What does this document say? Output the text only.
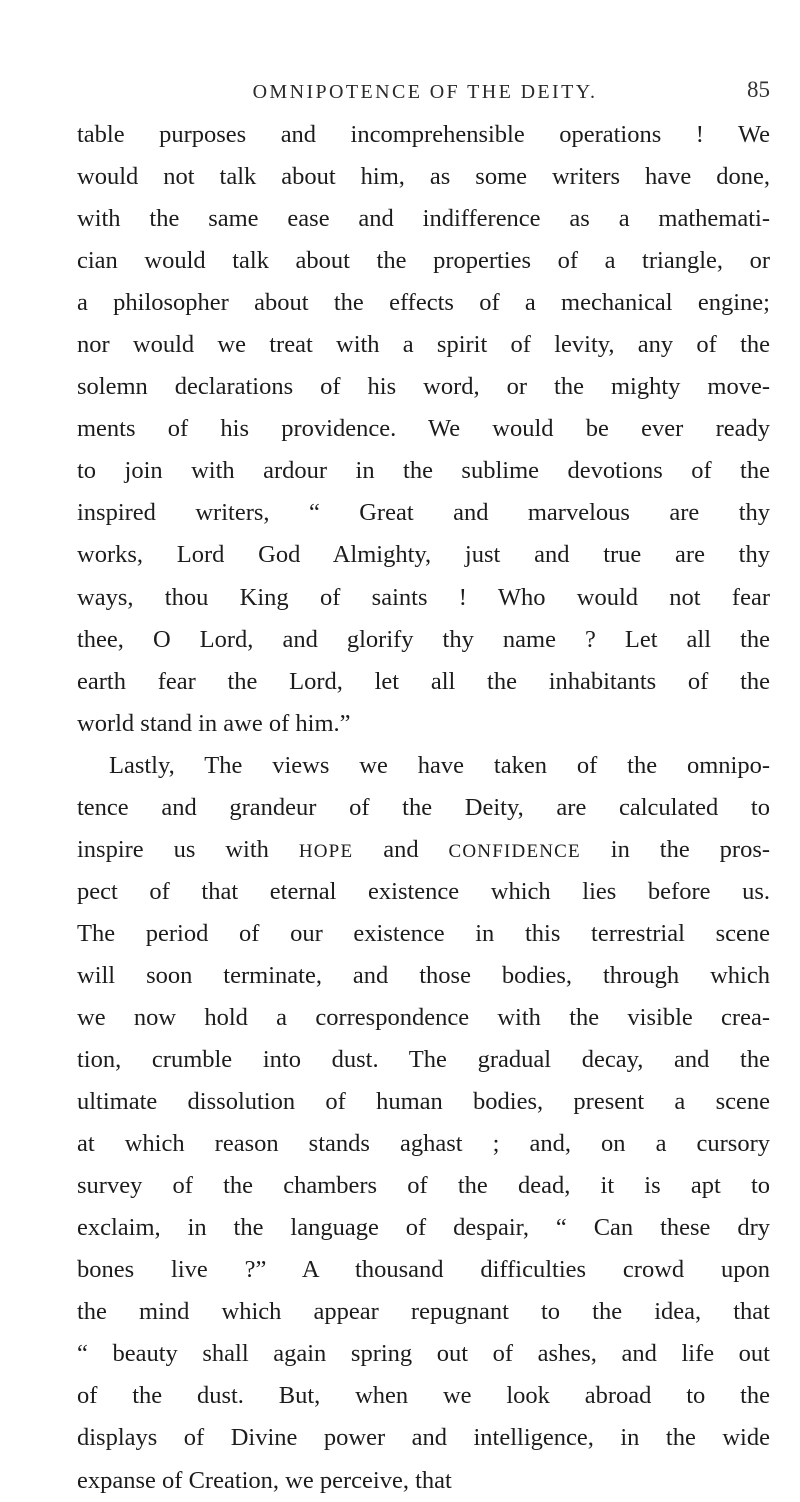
OMNIPOTENCE OF THE DEITY.	85
table purposes and incomprehensible operations ! We
would not talk about him, as some writers have done,
with the same ease and indifference as a mathemati-
cian would talk about the properties of a triangle, or
a philosopher about the effects of a mechanical engine;
nor would we treat with a spirit of levity, any of the
solemn declarations of his word, or the mighty move-
ments of his providence. We would be ever ready
to join with ardour in the sublime devotions of the
inspired writers, “ Great and marvelous are thy
works, Lord God Almighty, just and true are thy
ways, thou King of saints ! Who would not fear
thee, O Lord, and glorify thy name ? Let all the
earth fear the Lord, let all the inhabitants of the
world stand in awe of him.”
Lastly, The views we have taken of the omnipo-
tence and grandeur of the Deity, are calculated to
inspire us with HOPE and CONFIDENCE in the pros-
pect of that eternal existence which lies before us.
The period of our existence in this terrestrial scene
will soon terminate, and those bodies, through which
we now hold a correspondence with the visible crea-
tion, crumble into dust. The gradual decay, and the
ultimate dissolution of human bodies, present a scene
at which reason stands aghast ; and, on a cursory
survey of the chambers of the dead, it is apt to
exclaim, in the language of despair, “ Can these dry
bones live ?” A thousand difficulties crowd upon
the mind which appear repugnant to the idea, that
“ beauty shall again spring out of ashes, and life out
of the dust. But, when we look abroad to the
displays of Divine power and intelligence, in the wide
expanse of Creation, we perceive, that
